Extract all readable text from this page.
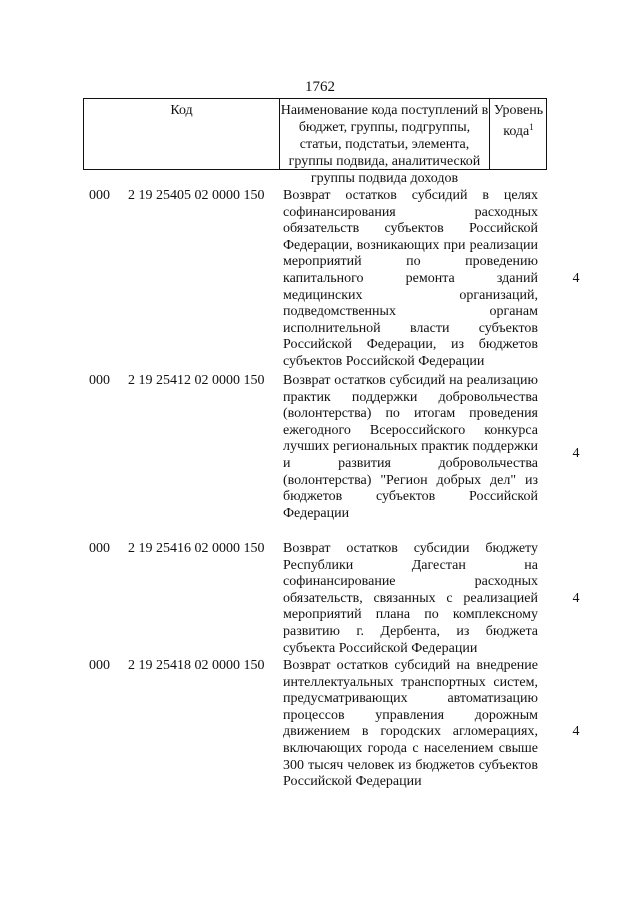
1762
Код	Наименование кода поступлений в бюджет, группы, подгруппы, статьи, подстатьи, элемента, группы подвида, аналитической группы подвида доходов
Уровень кода$^1$
000 2 19 25405 02 0000 150 Возврат остатков субсидий в целях софинансирования расходных обязательств субъектов Российской Федерации, возникающих при реализации мероприятий по проведению капитального ремонта зданий медицинских организаций, подведомственных органам исполнительной власти субъектов Российской Федерации, из бюджетов субъектов Российской Федерации
4
000 2 19 25412 02 0000 150 Возврат остатков субсидий на реализацию практик поддержки добровольчества (волонтерства) по итогам проведения ежегодного Всероссийского конкурса лучших региональных практик поддержки и развития добровольчества (волонтерства) "Регион добрых дел" из бюджетов субъектов Российской Федерации
4
000 2 19 25416 02 0000 150 Возврат остатков субсидии бюджету Республики Дагестан на софинансирование расходных обязательств, связанных с реализацией мероприятий плана по комплексному развитию г. Дербента, из бюджета субъекта Российской Федерации
4
000 2 19 25418 02 0000 150 Возврат остатков субсидий на внедрение интеллектуальных транспортных систем, предусматривающих автоматизацию процессов управления дорожным движением в городских агломерациях, включающих города с населением свыше 300 тысяч человек из бюджетов субъектов Российской Федерации
4
